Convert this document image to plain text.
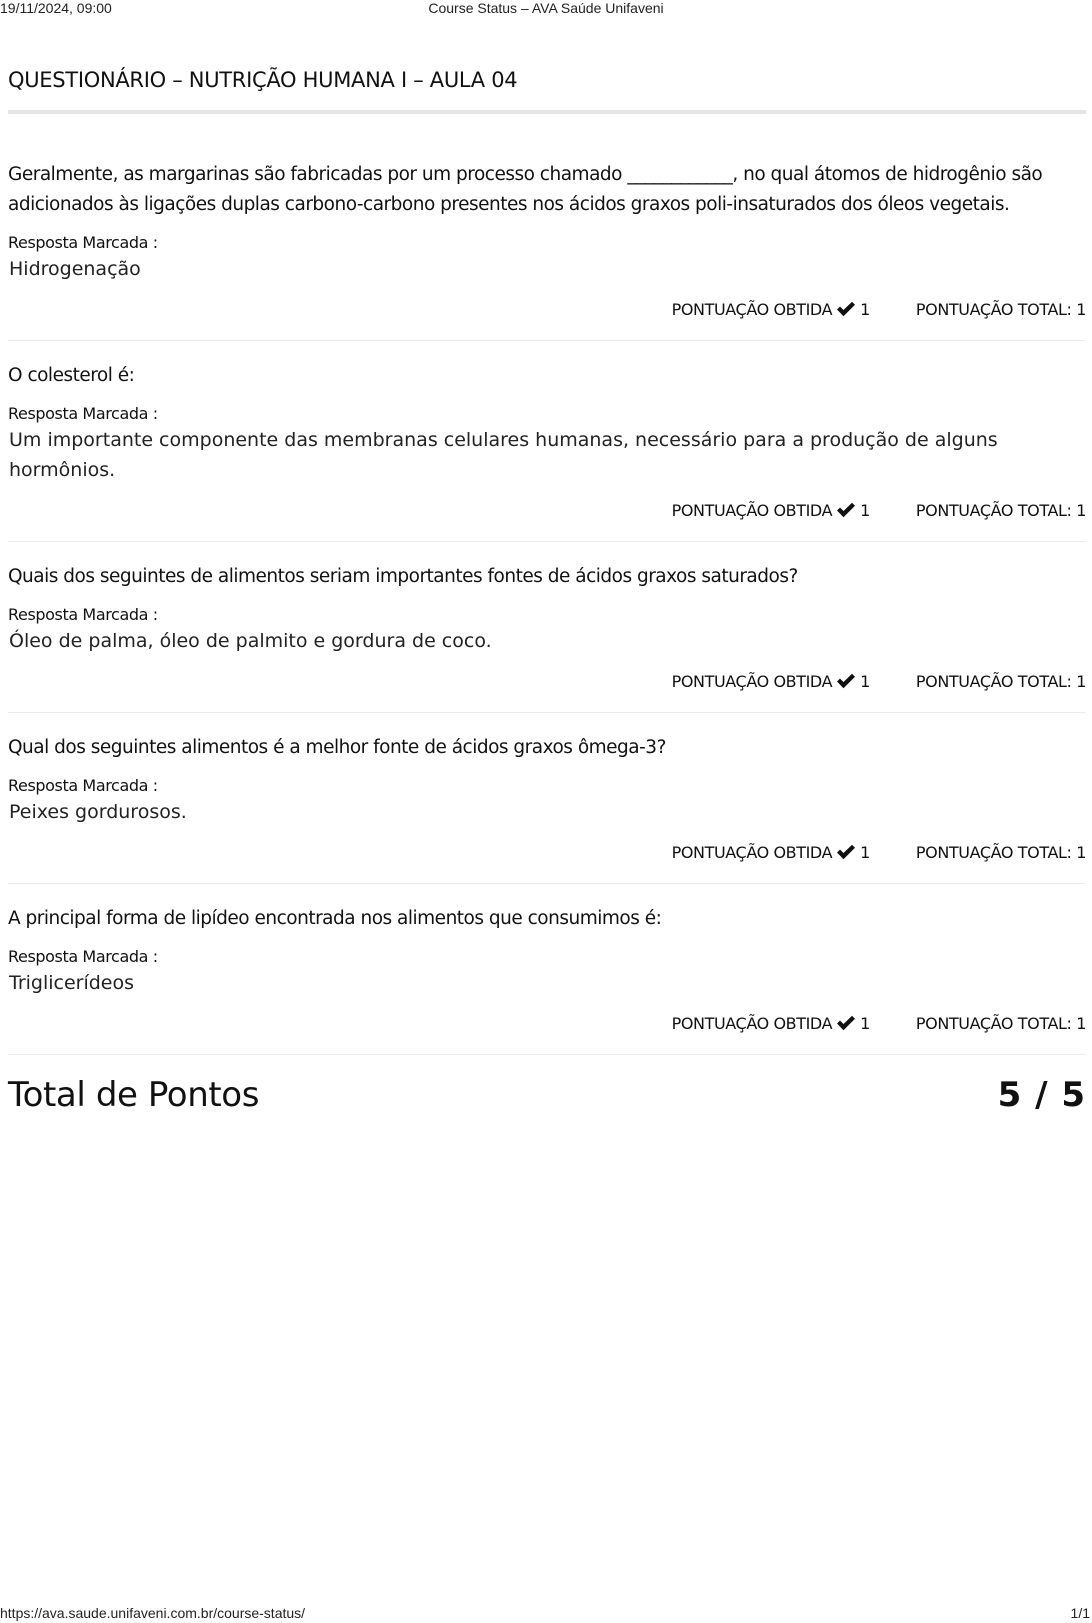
19/11/2024, 09:00	Course Status – AVA Saúde Unifaveni
QUESTIONÁRIO – NUTRIÇÃO HUMANA I – AULA 04

Geralmente, as margarinas são fabricadas por um processo chamado ____________, no qual átomos de hidrogênio são adicionados às ligações duplas carbono-carbono presentes nos ácidos graxos poli-insaturados dos óleos vegetais.

Resposta Marcada :

Hidrogenação

PONTUAÇÃO OBTIDA 1	PONTUAÇÃO TOTAL: 1

O colesterol é:

Resposta Marcada :

Um importante componente das membranas celulares humanas, necessário para a produção de alguns hormônios.

PONTUAÇÃO OBTIDA 1	PONTUAÇÃO TOTAL: 1

Quais dos seguintes de alimentos seriam importantes fontes de ácidos graxos saturados?

Resposta Marcada :

Óleo de palma, óleo de palmito e gordura de coco.

PONTUAÇÃO OBTIDA 1	PONTUAÇÃO TOTAL: 1

Qual dos seguintes alimentos é a melhor fonte de ácidos graxos ômega-3?

Resposta Marcada :

Peixes gordurosos.

PONTUAÇÃO OBTIDA 1	PONTUAÇÃO TOTAL: 1

A principal forma de lipídeo encontrada nos alimentos que consumimos é:

Resposta Marcada :

Triglicerídeos

PONTUAÇÃO OBTIDA 1	PONTUAÇÃO TOTAL: 1
Total de Pontos	5 / 5
https://ava.saude.unifaveni.com.br/course-status/	1/1
